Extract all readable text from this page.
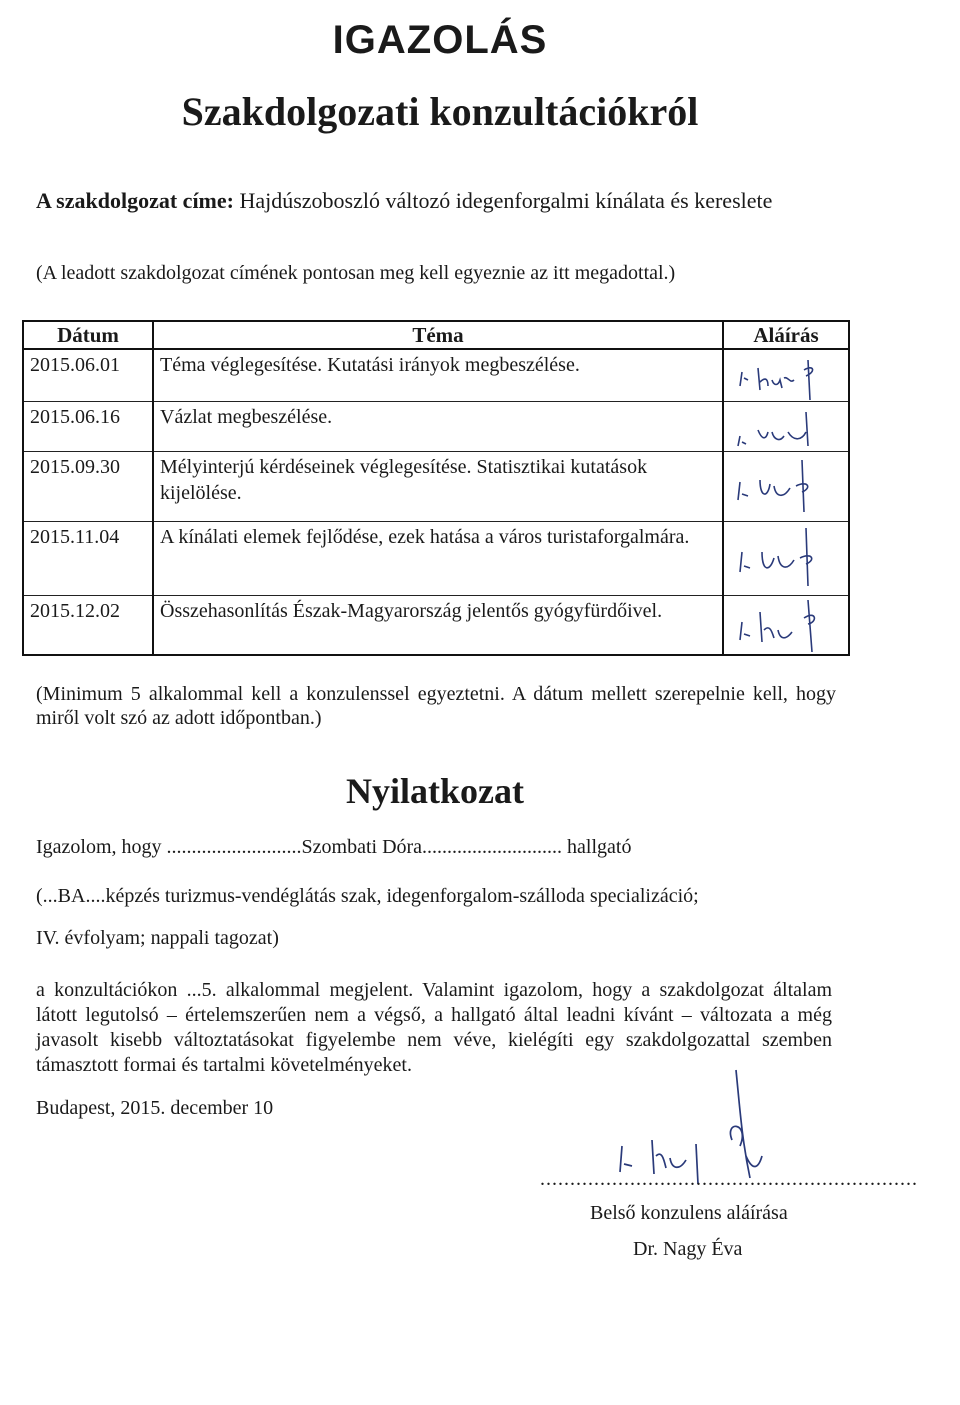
IGAZOLÁS
Szakdolgozati konzultációkról
A szakdolgozat címe: Hajdúszoboszló változó idegenforgalmi kínálata és kereslete
(A leadott szakdolgozat címének pontosan meg kell egyeznie az itt megadottal.)
Dátum	Téma	Aláírás
2015.06.01	Téma véglegesítése. Kutatási irányok megbeszélése.	

2015.06.16	Vázlat megbeszélése.	

2015.09.30	Mélyinterjú kérdéseinek véglegesítése. Statisztikai kutatások kijelölése.	

2015.11.04	A kínálati elemek fejlődése, ezek hatása a város turistaforgalmára.	

2015.12.02	Összehasonlítás Észak-Magyarország jelentős gyógyfürdőivel.	
(Minimum 5 alkalommal kell a konzulenssel egyeztetni. A dátum mellett szerepelnie kell, hogy miről volt szó az adott időpontban.)
Nyilatkozat
Igazolom, hogy ...........................Szombati Dóra............................ hallgató
(...BA....képzés turizmus-vendéglátás szak, idegenforgalom-szálloda specializáció;
IV. évfolyam; nappali tagozat)
a konzultációkon ...5. alkalommal megjelent. Valamint igazolom, hogy a szakdolgozat általam látott legutolsó – értelemszerűen nem a végső, a hallgató által leadni kívánt – változata a még javasolt kisebb változtatásokat figyelembe nem véve, kielégíti egy szakdolgozattal szemben támasztott formai és tartalmi követelményeket.
Budapest, 2015. december 10
...............................................................
Belső konzulens aláírása
Dr. Nagy Éva
